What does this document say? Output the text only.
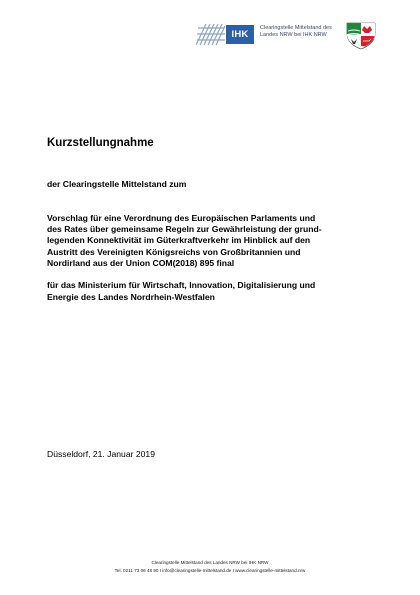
IHK
Clearingstelle Mittelstand des
Landes NRW bei IHK NRW
Kurzstellungnahme
der Clearingstelle Mittelstand zum
Vorschlag für eine Verordnung des Europäischen Parlaments und
des Rates über gemeinsame Regeln zur Gewährleistung der grund-
legenden Konnektivität im Güterkraftverkehr im Hinblick auf den
Austritt des Vereinigten Königsreichs von Großbritannien und
Nordirland aus der Union COM(2018) 895 final
für das Ministerium für Wirtschaft, Innovation, Digitalisierung und
Energie des Landes Nordrhein-Westfalen
Düsseldorf, 21. Januar 2019
Clearingstelle Mittelstand des Landes NRW bei IHK NRW
Tel. 0211 73 06 48 90 I info@clearingstelle-mittelstand.de I www.clearingstelle-mittelstand.nrw
